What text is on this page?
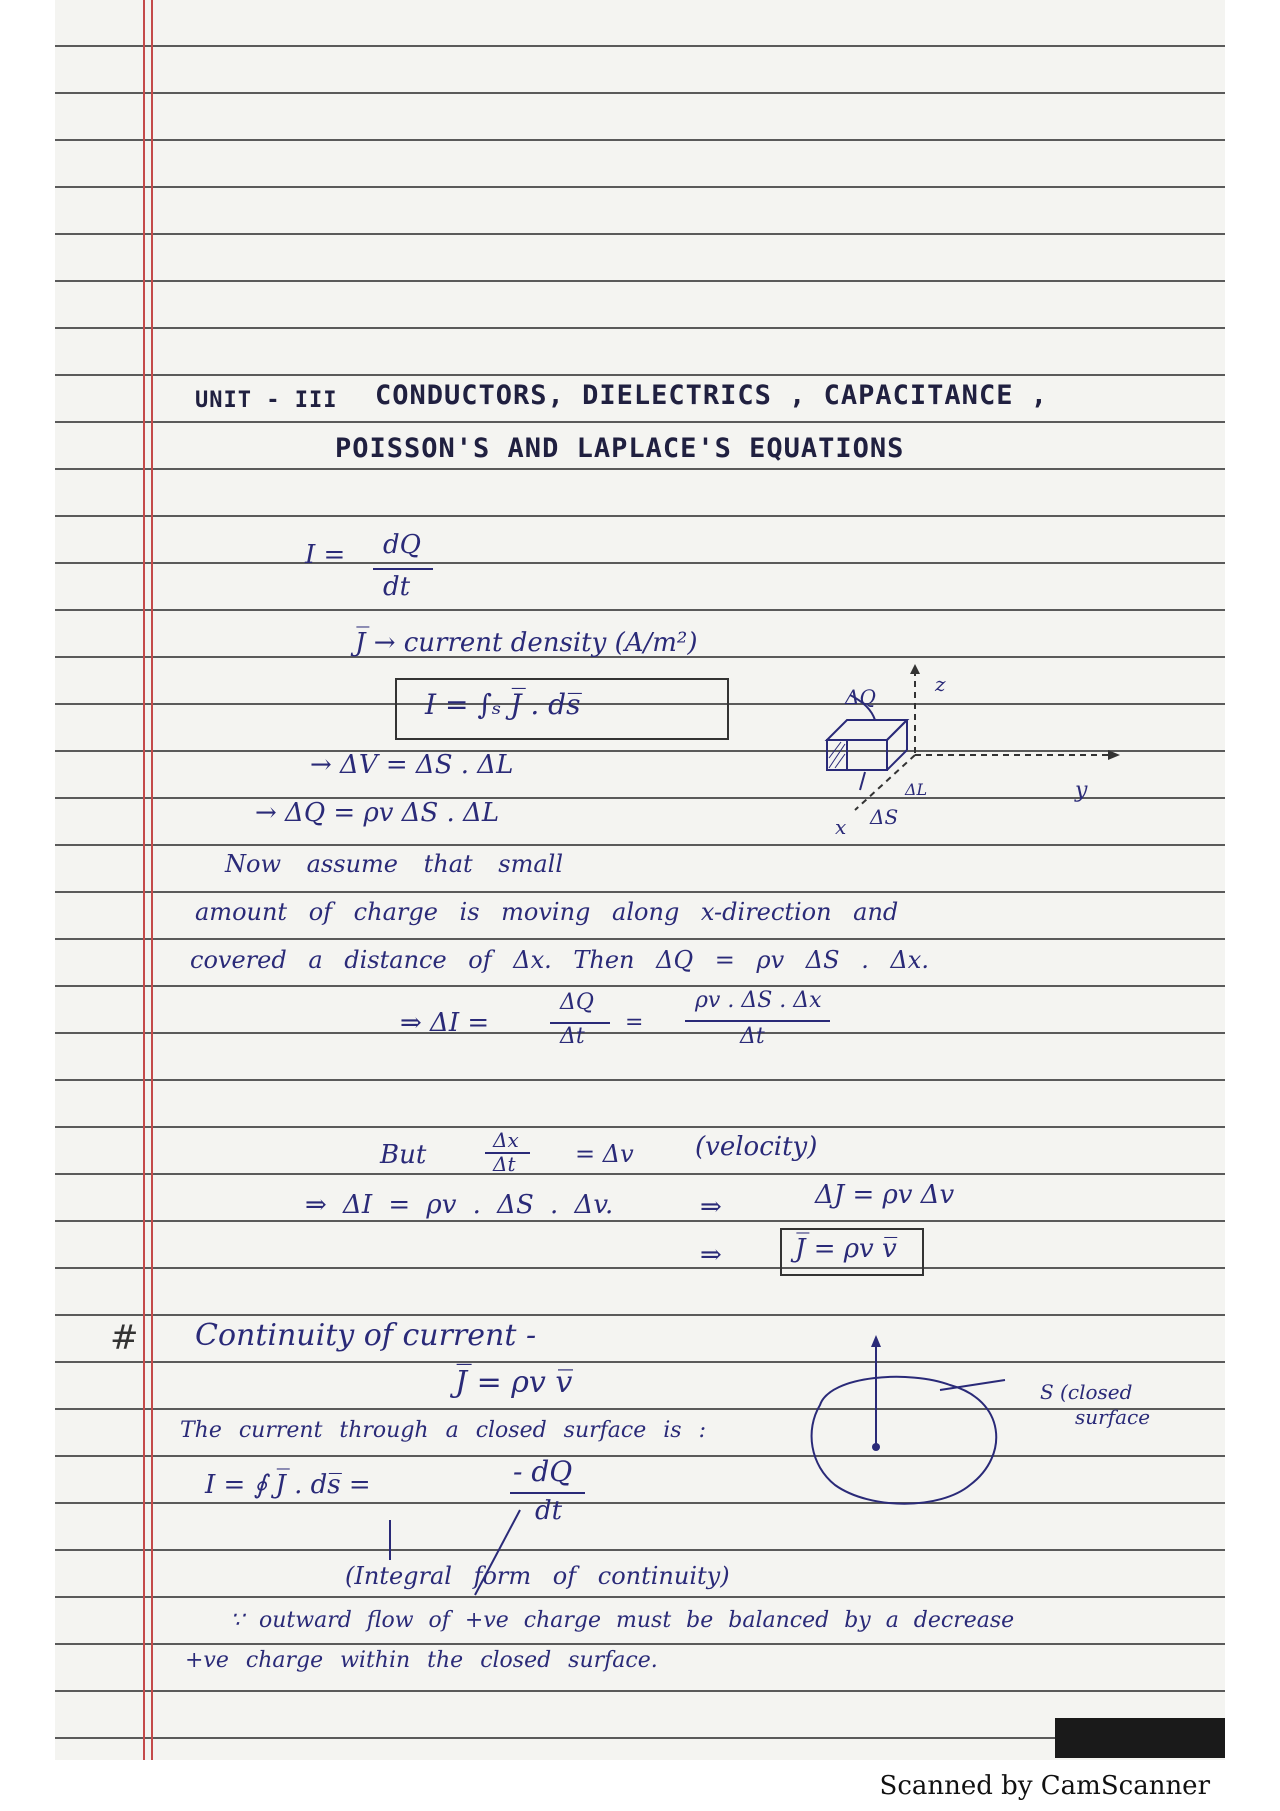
UNIT - III CONDUCTORS, DIELECTRICS , CAPACITANCE ,
POISSON'S AND LAPLACE'S EQUATIONS
I = dQ
dt
J̅ → current density (A/m²)
I = ∫ₛ J̅ . ds̅	ΔQ
z
y
x
ΔL
ΔS
→ ΔV = ΔS . ΔL
→ ΔQ = ρv ΔS . ΔL
Now assume that small
amount of charge is moving along x-direction and
covered a distance of Δx. Then ΔQ = ρv ΔS . Δx.
⇒ ΔI =
ΔQ
Δt
=
ρv . ΔS . Δx
Δt
But	Δx
Δt = Δv (velocity)
⇒ ΔI = ρv . ΔS . Δv.	⇒	ΔJ = ρv Δv
⇒	J̅ = ρv v̅
# Continuity of current -
J̅ = ρv v̅
The current through a closed surface is :
S (closed
surface
I = ∮ J̅ . ds̅ =	- dQ
dt
(Integral form of continuity)
∵ outward flow of +ve charge must be balanced by a decrease
+ve charge within the closed surface.
Scanned by CamScanner
